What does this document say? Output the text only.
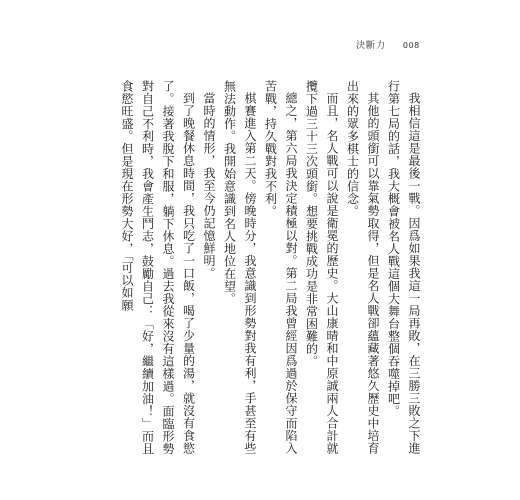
決斷力 008

我相信這是最後一戰。因爲如果我這一局再敗，在三勝三敗之下進行第七局的話，我大概會被名人戰這個大舞台整個吞噬掉吧。

其他的頭銜可以靠氣勢取得，但是名人戰卻蘊藏著悠久歷史中培育出來的眾多棋士的信念。

而且，名人戰可以說是衛冕的歷史。大山康晴和中原誠兩人合計就攬下過三十三次頭銜。想要挑戰成功是非常困難的。

總之，第六局我決定積極以對。第二局我曾經因爲過於保守而陷入苦戰，持久戰對我不利。

棋賽進入第二天。傍晚時分，我意識到形勢對我有利，手甚至有些無法動作。我開始意識到名人地位在望。

當時的情形，我至今仍記憶鮮明。

到了晚餐休息時間，我只吃了一口飯，喝了少量的湯，就沒有食慾了。接著我脫下和服，躺下休息。過去我從來沒有這樣過。面臨形勢對自己不利時，我會產生鬥志，鼓勵自己：「好，繼續加油！」而且食慾旺盛。但是現在形勢大好，「可以如願
